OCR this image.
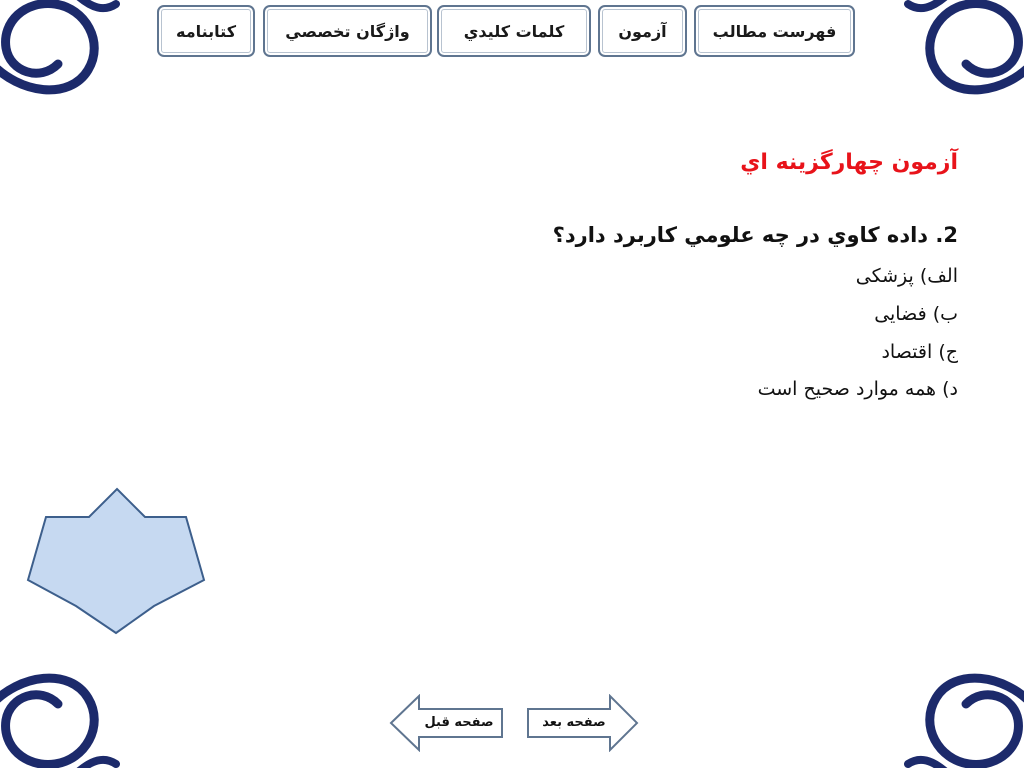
کتابنامه	واژگان تخصصي	کلمات کليدي	آزمون	فهرست مطالب
آزمون چهارگزينه اي

2. داده کاوي در چه علومي کاربرد دارد؟

الف) پزشکی

ب) فضایی

ج) اقتصاد

د) همه موارد صحیح است

صفحه قبل	صفحه بعد
